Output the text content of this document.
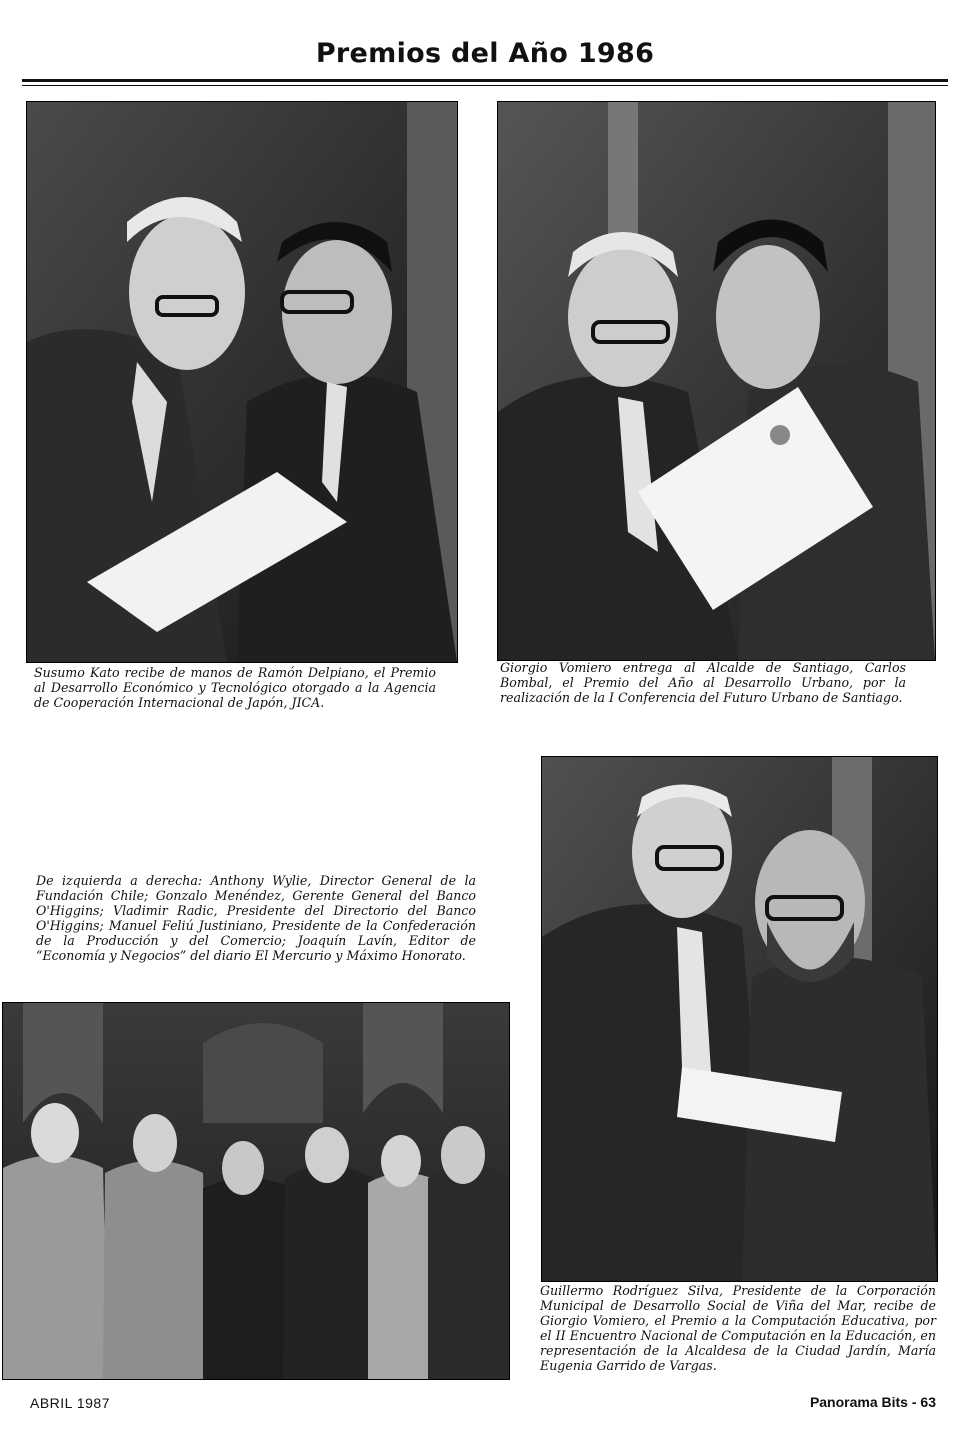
Premios del Año 1986
Susumo Kato recibe de manos de Ramón Delpiano, el Premio al Desarrollo Económico y Tecnológico otorgado a la Agencia de Cooperación Internacional de Japón, JICA.
Giorgio Vomiero entrega al Alcalde de Santiago, Carlos Bombal, el Premio del Año al Desarrollo Urbano, por la realización de la I Conferencia del Futuro Urbano de Santiago.
Guillermo Rodríguez Silva, Presidente de la Corporación Municipal de Desarrollo Social de Viña del Mar, recibe de Giorgio Vomiero, el Premio a la Computación Educativa, por el II Encuentro Nacional de Computación en la Educación, en representación de la Alcaldesa de la Ciudad Jardín, María Eugenia Garrido de Vargas.
De izquierda a derecha: Anthony Wylie, Director General de la Fundación Chile; Gonzalo Menéndez, Gerente General del Banco O'Higgins; Vladimir Radic, Presidente del Directorio del Banco O'Higgins; Manuel Feliú Justiniano, Presidente de la Confederación de la Producción y del Comercio; Joaquín Lavín, Editor de “Economía y Negocios” del diario El Mercurio y Máximo Honorato.
ABRIL 1987	Panorama Bits - 63
